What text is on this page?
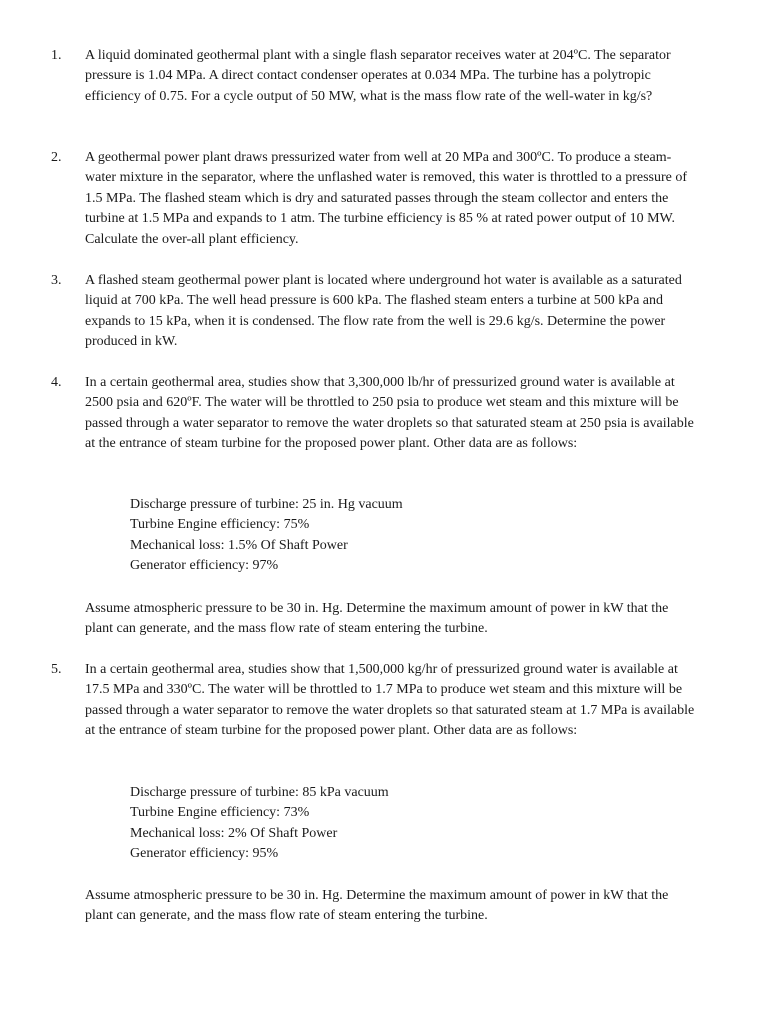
1. A liquid dominated geothermal plant with a single flash separator receives water at 204ºC. The separator pressure is 1.04 MPa. A direct contact condenser operates at 0.034 MPa. The turbine has a polytropic efficiency of 0.75. For a cycle output of 50 MW, what is the mass flow rate of the well-water in kg/s?

2. A geothermal power plant draws pressurized water from well at 20 MPa and 300ºC. To produce a steam-water mixture in the separator, where the unflashed water is removed, this water is throttled to a pressure of 1.5 MPa. The flashed steam which is dry and saturated passes through the steam collector and enters the turbine at 1.5 MPa and expands to 1 atm. The turbine efficiency is 85 % at rated power output of 10 MW. Calculate the over-all plant efficiency.

3. A flashed steam geothermal power plant is located where underground hot water is available as a saturated liquid at 700 kPa. The well head pressure is 600 kPa. The flashed steam enters a turbine at 500 kPa and expands to 15 kPa, when it is condensed. The flow rate from the well is 29.6 kg/s. Determine the power produced in kW.

4. In a certain geothermal area, studies show that 3,300,000 lb/hr of pressurized ground water is available at 2500 psia and 620ºF. The water will be throttled to 250 psia to produce wet steam and this mixture will be passed through a water separator to remove the water droplets so that saturated steam at 250 psia is available at the entrance of steam turbine for the proposed power plant. Other data are as follows:

Discharge pressure of turbine: 25 in. Hg vacuum
Turbine Engine efficiency: 75%
Mechanical loss: 1.5% Of Shaft Power
Generator efficiency: 97%

Assume atmospheric pressure to be 30 in. Hg. Determine the maximum amount of power in kW that the plant can generate, and the mass flow rate of steam entering the turbine.

5. In a certain geothermal area, studies show that 1,500,000 kg/hr of pressurized ground water is available at 17.5 MPa and 330ºC. The water will be throttled to 1.7 MPa to produce wet steam and this mixture will be passed through a water separator to remove the water droplets so that saturated steam at 1.7 MPa is available at the entrance of steam turbine for the proposed power plant. Other data are as follows:

Discharge pressure of turbine: 85 kPa vacuum
Turbine Engine efficiency: 73%
Mechanical loss: 2% Of Shaft Power
Generator efficiency: 95%

Assume atmospheric pressure to be 30 in. Hg. Determine the maximum amount of power in kW that the plant can generate, and the mass flow rate of steam entering the turbine.
